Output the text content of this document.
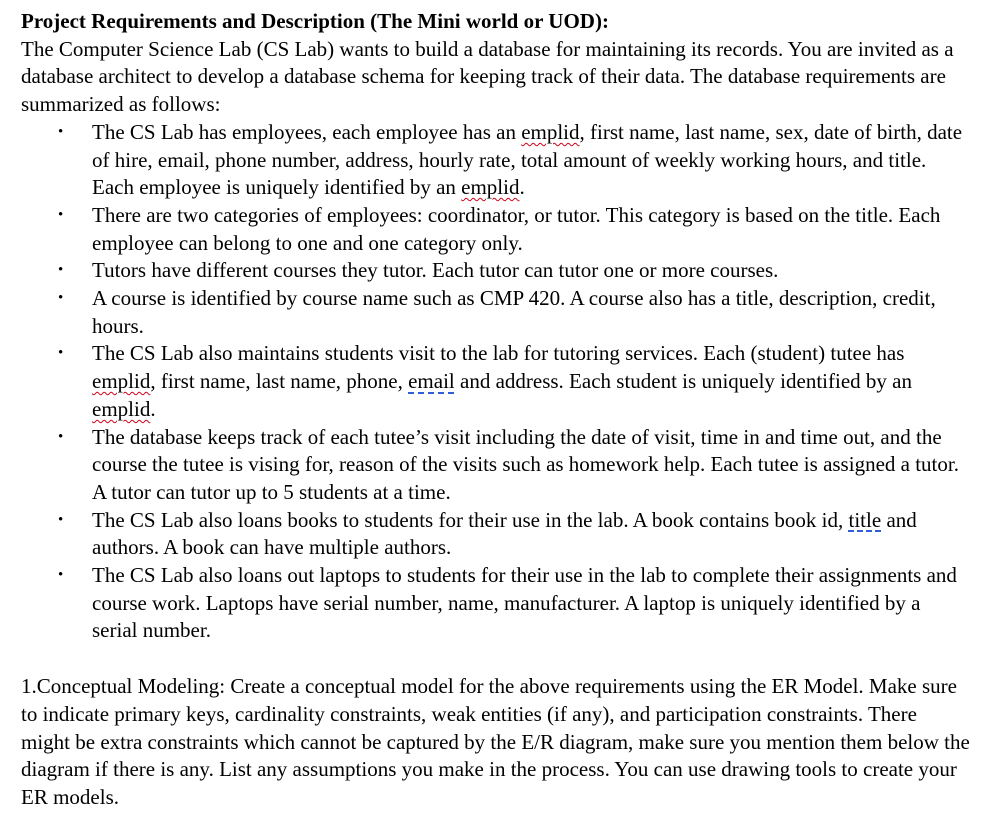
Project Requirements and Description (The Mini world or UOD):

The Computer Science Lab (CS Lab) wants to build a database for maintaining its records. You are invited as a database architect to develop a database schema for keeping track of their data. The database requirements are summarized as follows:

• The CS Lab has employees, each employee has an emplid, first name, last name, sex, date of birth, date of hire, email, phone number, address, hourly rate, total amount of weekly working hours, and title. Each employee is uniquely identified by an emplid.
• There are two categories of employees: coordinator, or tutor. This category is based on the title. Each employee can belong to one and one category only.
• Tutors have different courses they tutor. Each tutor can tutor one or more courses.
• A course is identified by course name such as CMP 420. A course also has a title, description, credit, hours.
• The CS Lab also maintains students visit to the lab for tutoring services. Each (student) tutee has emplid, first name, last name, phone, email and address. Each student is uniquely identified by an emplid.
• The database keeps track of each tutee’s visit including the date of visit, time in and time out, and the course the tutee is vising for, reason of the visits such as homework help. Each tutee is assigned a tutor. A tutor can tutor up to 5 students at a time.
• The CS Lab also loans books to students for their use in the lab. A book contains book id, title and authors. A book can have multiple authors.
• The CS Lab also loans out laptops to students for their use in the lab to complete their assignments and course work. Laptops have serial number, name, manufacturer. A laptop is uniquely identified by a serial number.

1.Conceptual Modeling: Create a conceptual model for the above requirements using the ER Model. Make sure to indicate primary keys, cardinality constraints, weak entities (if any), and participation constraints. There might be extra constraints which cannot be captured by the E/R diagram, make sure you mention them below the diagram if there is any. List any assumptions you make in the process. You can use drawing tools to create your ER models.
